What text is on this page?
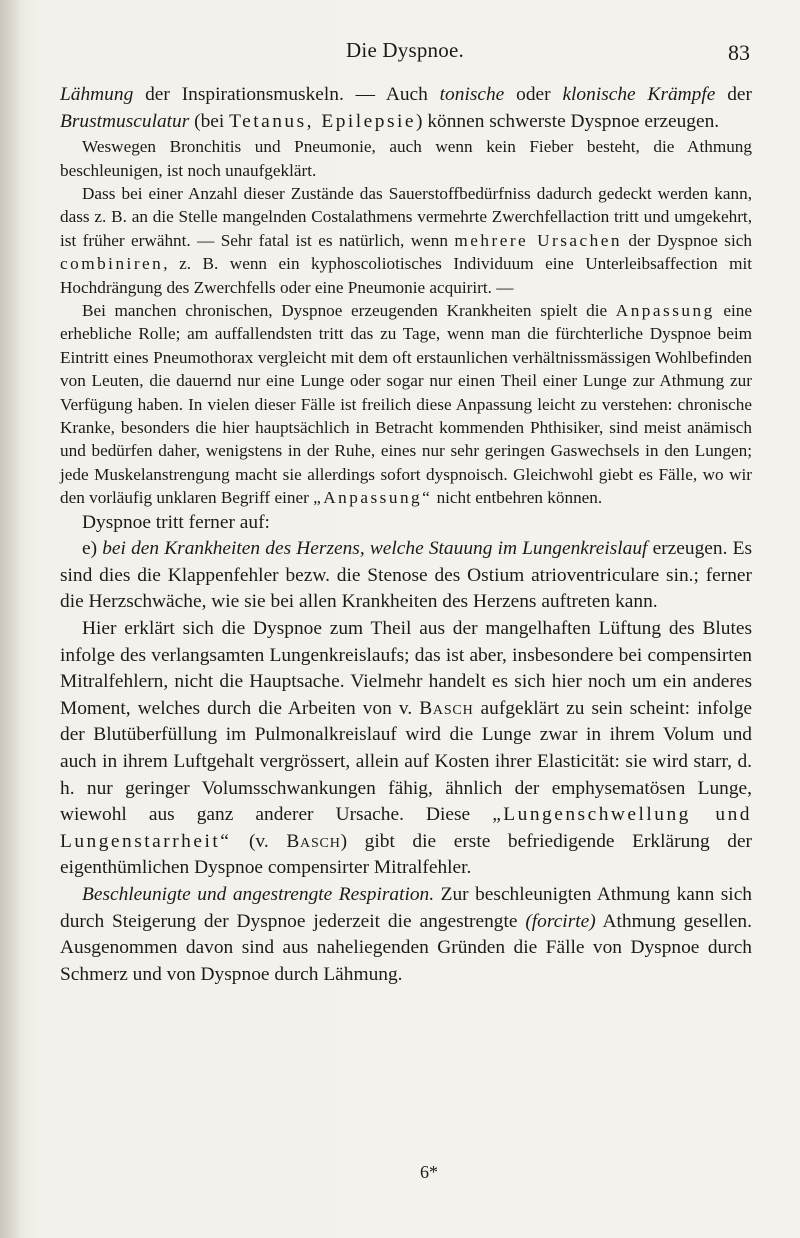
Die Dyspnoe.	83

Lähmung der Inspirationsmuskeln. — Auch tonische oder klonische Krämpfe der Brustmusculatur (bei Tetanus, Epilepsie) können schwerste Dyspnoe erzeugen.

Weswegen Bronchitis und Pneumonie, auch wenn kein Fieber besteht, die Athmung beschleunigen, ist noch unaufgeklärt.

Dass bei einer Anzahl dieser Zustände das Sauerstoffbedürfniss dadurch gedeckt werden kann, dass z. B. an die Stelle mangelnden Costalathmens vermehrte Zwerchfellaction tritt und umgekehrt, ist früher erwähnt. — Sehr fatal ist es natürlich, wenn mehrere Ursachen der Dyspnoe sich combiniren, z. B. wenn ein kyphoscoliotisches Individuum eine Unterleibsaffection mit Hochdrängung des Zwerchfells oder eine Pneumonie acquirirt. —

Bei manchen chronischen, Dyspnoe erzeugenden Krankheiten spielt die Anpassung eine erhebliche Rolle; am auffallendsten tritt das zu Tage, wenn man die fürchterliche Dyspnoe beim Eintritt eines Pneumothorax vergleicht mit dem oft erstaunlichen verhältnissmässigen Wohlbefinden von Leuten, die dauernd nur eine Lunge oder sogar nur einen Theil einer Lunge zur Athmung zur Verfügung haben. In vielen dieser Fälle ist freilich diese Anpassung leicht zu verstehen: chronische Kranke, besonders die hier hauptsächlich in Betracht kommenden Phthisiker, sind meist anämisch und bedürfen daher, wenigstens in der Ruhe, eines nur sehr geringen Gaswechsels in den Lungen; jede Muskelanstrengung macht sie allerdings sofort dyspnoisch. Gleichwohl giebt es Fälle, wo wir den vorläufig unklaren Begriff einer „Anpassung“ nicht entbehren können.

Dyspnoe tritt ferner auf:

e) bei den Krankheiten des Herzens, welche Stauung im Lungenkreislauf erzeugen. Es sind dies die Klappenfehler bezw. die Stenose des Ostium atrioventriculare sin.; ferner die Herzschwäche, wie sie bei allen Krankheiten des Herzens auftreten kann.

Hier erklärt sich die Dyspnoe zum Theil aus der mangelhaften Lüftung des Blutes infolge des verlangsamten Lungenkreislaufs; das ist aber, insbesondere bei compensirten Mitralfehlern, nicht die Hauptsache. Vielmehr handelt es sich hier noch um ein anderes Moment, welches durch die Arbeiten von v. Basch aufgeklärt zu sein scheint: infolge der Blutüberfüllung im Pulmonalkreislauf wird die Lunge zwar in ihrem Volum und auch in ihrem Luftgehalt vergrössert, allein auf Kosten ihrer Elasticität: sie wird starr, d. h. nur geringer Volumsschwankungen fähig, ähnlich der emphysematösen Lunge, wiewohl aus ganz anderer Ursache. Diese „Lungenschwellung und Lungenstarrheit“ (v. Basch) gibt die erste befriedigende Erklärung der eigenthümlichen Dyspnoe compensirter Mitralfehler.

Beschleunigte und angestrengte Respiration. Zur beschleunigten Athmung kann sich durch Steigerung der Dyspnoe jederzeit die angestrengte (forcirte) Athmung gesellen. Ausgenommen davon sind aus naheliegenden Gründen die Fälle von Dyspnoe durch Schmerz und von Dyspnoe durch Lähmung.

6*
